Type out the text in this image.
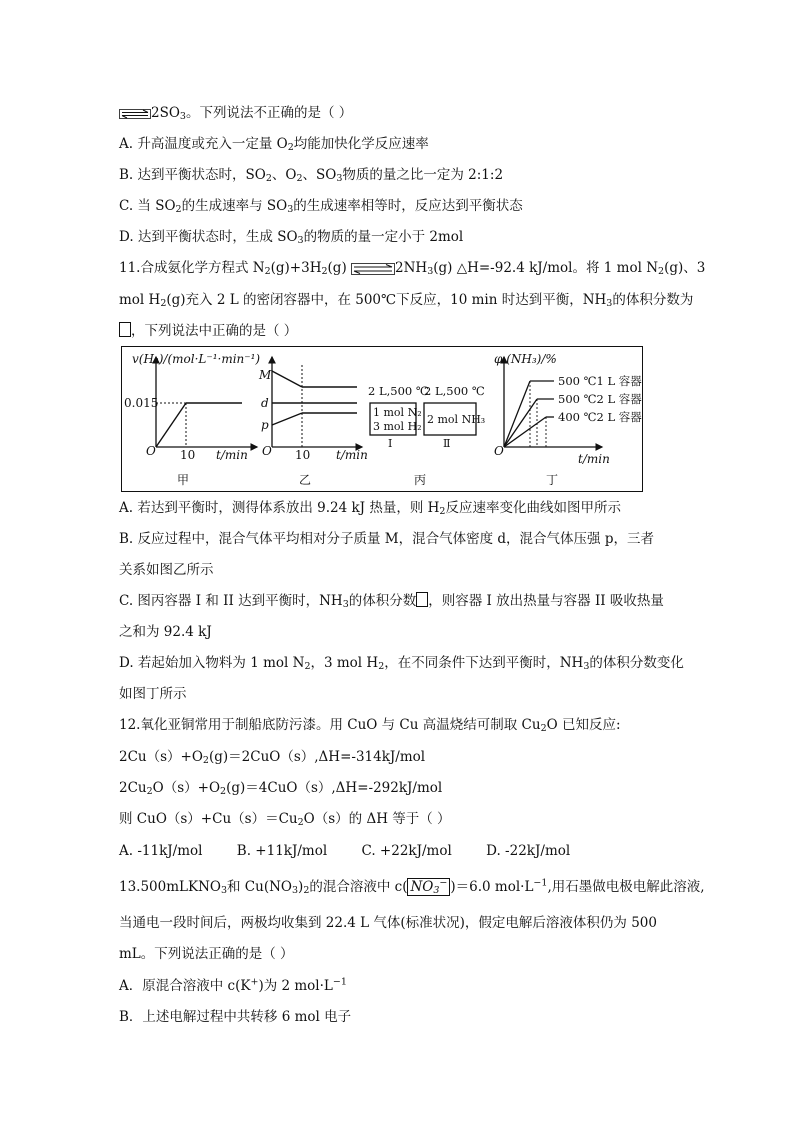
$2SO_3$。下列说法不正确的是（ ）
A. 升高温度或充入一定量 $O_2$均能加快化学反应速率
B. 达到平衡状态时，$SO_2$、$O_2$、$SO_3$物质的量之比一定为 2:1:2
C. 当 $SO_2$的生成速率与 $SO_3$的生成速率相等时，反应达到平衡状态
D. 达到平衡状态时，生成 $SO_3$的物质的量一定小于 2mol
11.合成氨化学方程式 $N_2(g)+3H_2(g)$	$2NH_3(g)$ △H=-92.4 kJ/mol。将 1 mol $N_2(g)$、3
mol $H_2(g)$充入 2 L 的密闭容器中，在 500℃下反应，10 min 时达到平衡，$NH_3$的体积分数为
，下列说法中正确的是（ ）
v(H₂)/(mol·L⁻¹·min⁻¹)
0.015
O 10 t/min
甲
M
d
p
O 10 t/min
乙
2 L,500 ℃
1 mol N₂
3 mol H₂
Ⅰ
2 L,500 ℃
2 mol NH₃
Ⅱ
丙
φ (NH₃)/%
500 ℃1 L 容器
500 ℃2 L 容器
400 ℃2 L 容器
O
t/min
丁
A. 若达到平衡时，测得体系放出 9.24 kJ 热量，则 $H_2$反应速率变化曲线如图甲所示
B. 反应过程中，混合气体平均相对分子质量 M，混合气体密度 d，混合气体压强 p，三者
关系如图乙所示
C. 图丙容器 I 和 II 达到平衡时，$NH_3$的体积分数 ，则容器 I 放出热量与容器 II 吸收热量
之和为 92.4 kJ
D. 若起始加入物料为 1 mol $N_2$，3 mol $H_2$，在不同条件下达到平衡时，$NH_3$的体积分数变化
如图丁所示
12.氧化亚铜常用于制船底防污漆。用 CuO 与 Cu 高温烧结可制取 $Cu_2O$ 已知反应:
$2Cu(s)+O_2(g)=2CuO(s),\Delta H=-314kJ$/mol
$2Cu_2O(s)+O_2(g)=4CuO(s),\Delta H=-292kJ$/mol
则 $CuO(s)+Cu(s)=Cu_2O(s)$的 ΔH 等于（ ）
A. -11kJ/mol        B. +11kJ/mol        C. +22kJ/mol        D. -22kJ/mol
13.500mLKNO$_3$和 $Cu(NO_3)_2$的混合溶液中 c( $NO_3^-$ )＝6.0 $mol\cdot L^{-1}$,用石墨做电极电解此溶液,
当通电一段时间后，两极均收集到 22.4 L 气体(标准状况)，假定电解后溶液体积仍为 500
mL。下列说法正确的是（ ）
A．原混合溶液中 c(K+)为 2 $mol\cdot L^{-1}$
B．上述电解过程中共转移 6 mol 电子
